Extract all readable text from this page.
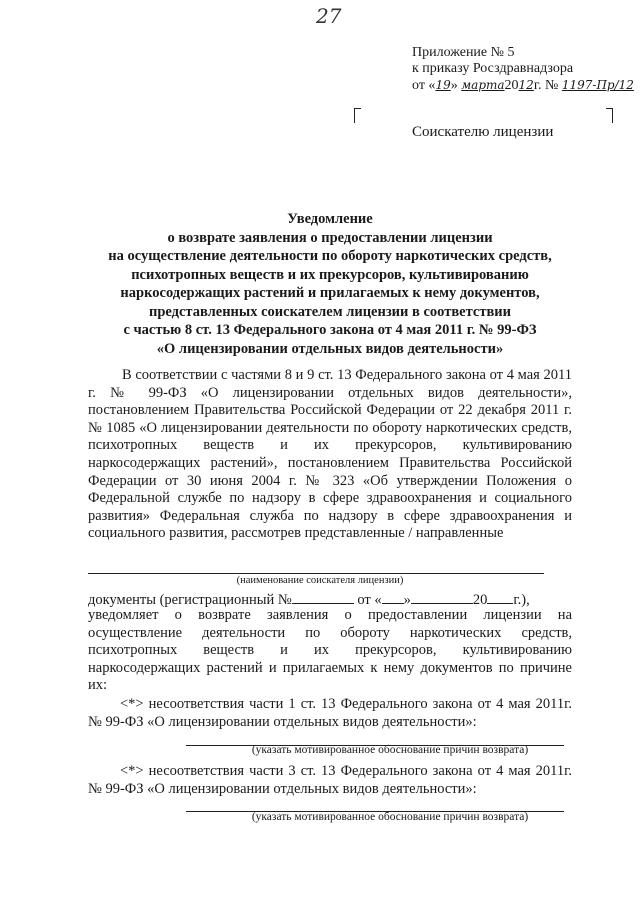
27
Приложение № 5
к приказу Росздравнадзора
от «19» марта2012г. № 1197-Пр/12
Соискателю лицензии
Уведомление
о возврате заявления о предоставлении лицензии
на осуществление деятельности по обороту наркотических средств,
психотропных веществ и их прекурсоров, культивированию
наркосодержащих растений и прилагаемых к нему документов,
представленных соискателем лицензии в соответствии
с частью 8 ст. 13 Федерального закона от 4 мая 2011 г. № 99-ФЗ
«О лицензировании отдельных видов деятельности»
В соответствии с частями 8 и 9 ст. 13 Федерального закона от 4 мая 2011 г. № 99-ФЗ «О лицензировании отдельных видов деятельности», постановлением Правительства Российской Федерации от 22 декабря 2011 г. № 1085 «О лицензировании деятельности по обороту наркотических средств, психотропных веществ и их прекурсоров, культивированию наркосодержащих растений», постановлением Правительства Российской Федерации от 30 июня 2004 г. № 323 «Об утверждении Положения о Федеральной службе по надзору в сфере здравоохранения и социального развития» Федеральная служба по надзору в сфере здравоохранения и социального развития, рассмотрев представленные / направленные
(наименование соискателя лицензии)
документы (регистрационный №	от « »	20 г.),
уведомляет о возврате заявления о предоставлении лицензии на осуществление деятельности по обороту наркотических средств, психотропных веществ и их прекурсоров, культивированию наркосодержащих растений и прилагаемых к нему документов по причине их:
<*> несоответствия части 1 ст. 13 Федерального закона от 4 мая 2011г. № 99-ФЗ «О лицензировании отдельных видов деятельности»:
(указать мотивированное обоснование причин возврата)
<*> несоответствия части 3 ст. 13 Федерального закона от 4 мая 2011г. № 99-ФЗ «О лицензировании отдельных видов деятельности»:
(указать мотивированное обоснование причин возврата)
